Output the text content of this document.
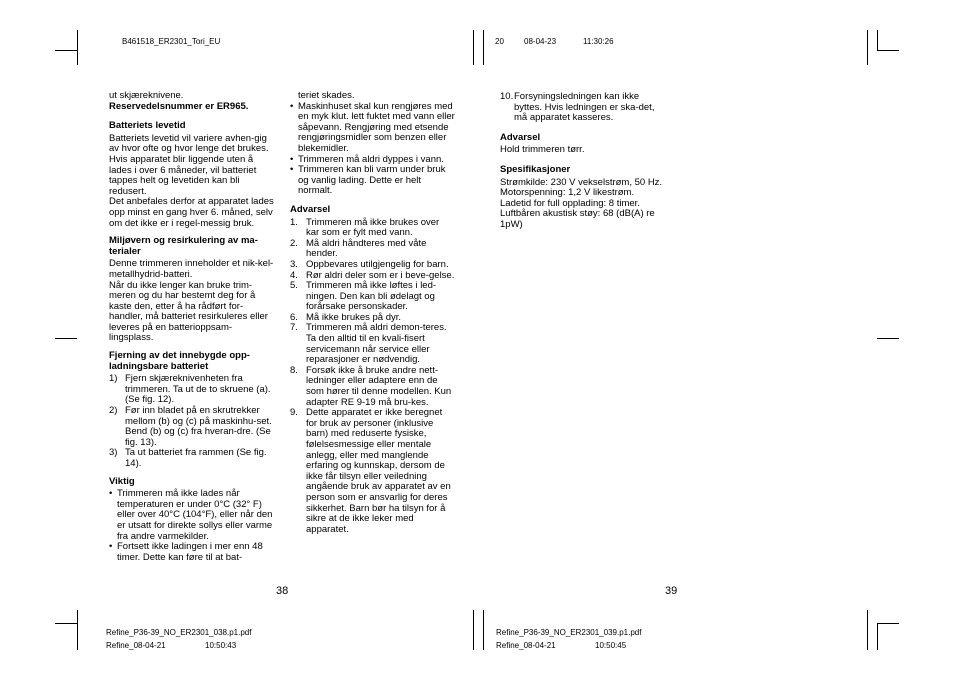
B461518_ER2301_Tori_EU	20	08-04-23	11:30:26

ut skjæreknivene.

Reservedelsnummer er ER965.

Batteriets levetid

Batteriets levetid vil variere avhen-gig av hvor ofte og hvor lenge det brukes. Hvis apparatet blir liggende uten å lades i over 6 måneder, vil batteriet tappes helt og levetiden kan bli redusert.

Det anbefales derfor at apparatet lades opp minst en gang hver 6. måned, selv om det ikke er i regel-messig bruk.

Miljøvern og resirkulering av ma-terialer

Denne trimmeren inneholder et nik-kel-metallhydrid-batteri.

Når du ikke lenger kan bruke trim-meren og du har bestemt deg for å kaste den, etter å ha rådført for-handler, må batteriet resirkuleres eller leveres på en batterioppsam-lingsplass.

Fjerning av det innebygde opp-ladningsbare batteriet

1) Fjern skjæreknivenheten fra trimmeren. Ta ut de to skruene (a). (Se fig. 12).
2) Før inn bladet på en skrutrekker mellom (b) og (c) på maskinhu-set. Bend (b) og (c) fra hveran-dre. (Se fig. 13).
3) Ta ut batteriet fra rammen (Se fig. 14).

Viktig

• Trimmeren må ikke lades når temperaturen er under 0°C (32° F) eller over 40°C (104°F), eller når den er utsatt for direkte sollys eller varme fra andre varmekilder.
• Fortsett ikke ladingen i mer enn 48 timer. Dette kan føre til at bat-

teriet skades.

• Maskinhuset skal kun rengjøres med en myk klut. lett fuktet med vann eller såpevann. Rengjøring med etsende rengjøringsmidler som benzen eller blekemidler.
• Trimmeren må aldri dyppes i vann.
• Trimmeren kan bli varm under bruk og vanlig lading. Dette er helt normalt.

Advarsel

1. Trimmeren må ikke brukes over kar som er fylt med vann.
2. Må aldri håndteres med våte hender.
3. Oppbevares utilgjengelig for barn.
4. Rør aldri deler som er i beve-gelse.
5. Trimmeren må ikke løftes i led-ningen. Den kan bli ødelagt og forårsake personskader.
6. Må ikke brukes på dyr.
7. Trimmeren må aldri demon-teres. Ta den alltid til en kvali-fisert servicemann når service eller reparasjoner er nødvendig.
8. Forsøk ikke å bruke andre nett-ledninger eller adaptere enn de som hører til denne modellen. Kun adapter RE 9-19 må bru-kes.
9. Dette apparatet er ikke beregnet for bruk av personer (inklusive barn) med reduserte fysiske, følelsesmessige eller mentale anlegg, eller med manglende erfaring og kunnskap, dersom de ikke får tilsyn eller veiledning angående bruk av apparatet av en person som er ansvarlig for deres sikkerhet. Barn bør ha tilsyn for å sikre at de ikke leker med apparatet.
10. Forsyningsledningen kan ikke byttes. Hvis ledningen er ska-det, må apparatet kasseres.

Advarsel

Hold trimmeren tørr.

Spesifikasjoner

Strømkilde: 230 V vekselstrøm, 50 Hz.

Motorspenning: 1,2 V likestrøm.

Ladetid for full opplading: 8 timer.

Luftbåren akustisk støy: 68 (dB(A) re 1pW)

38	39
Refine_P36-39_NO_ER2301_038.p1.pdf
Refine_08-04-21	10:50:43
Refine_P36-39_NO_ER2301_039.p1.pdf
Refine_08-04-21	10:50:45
